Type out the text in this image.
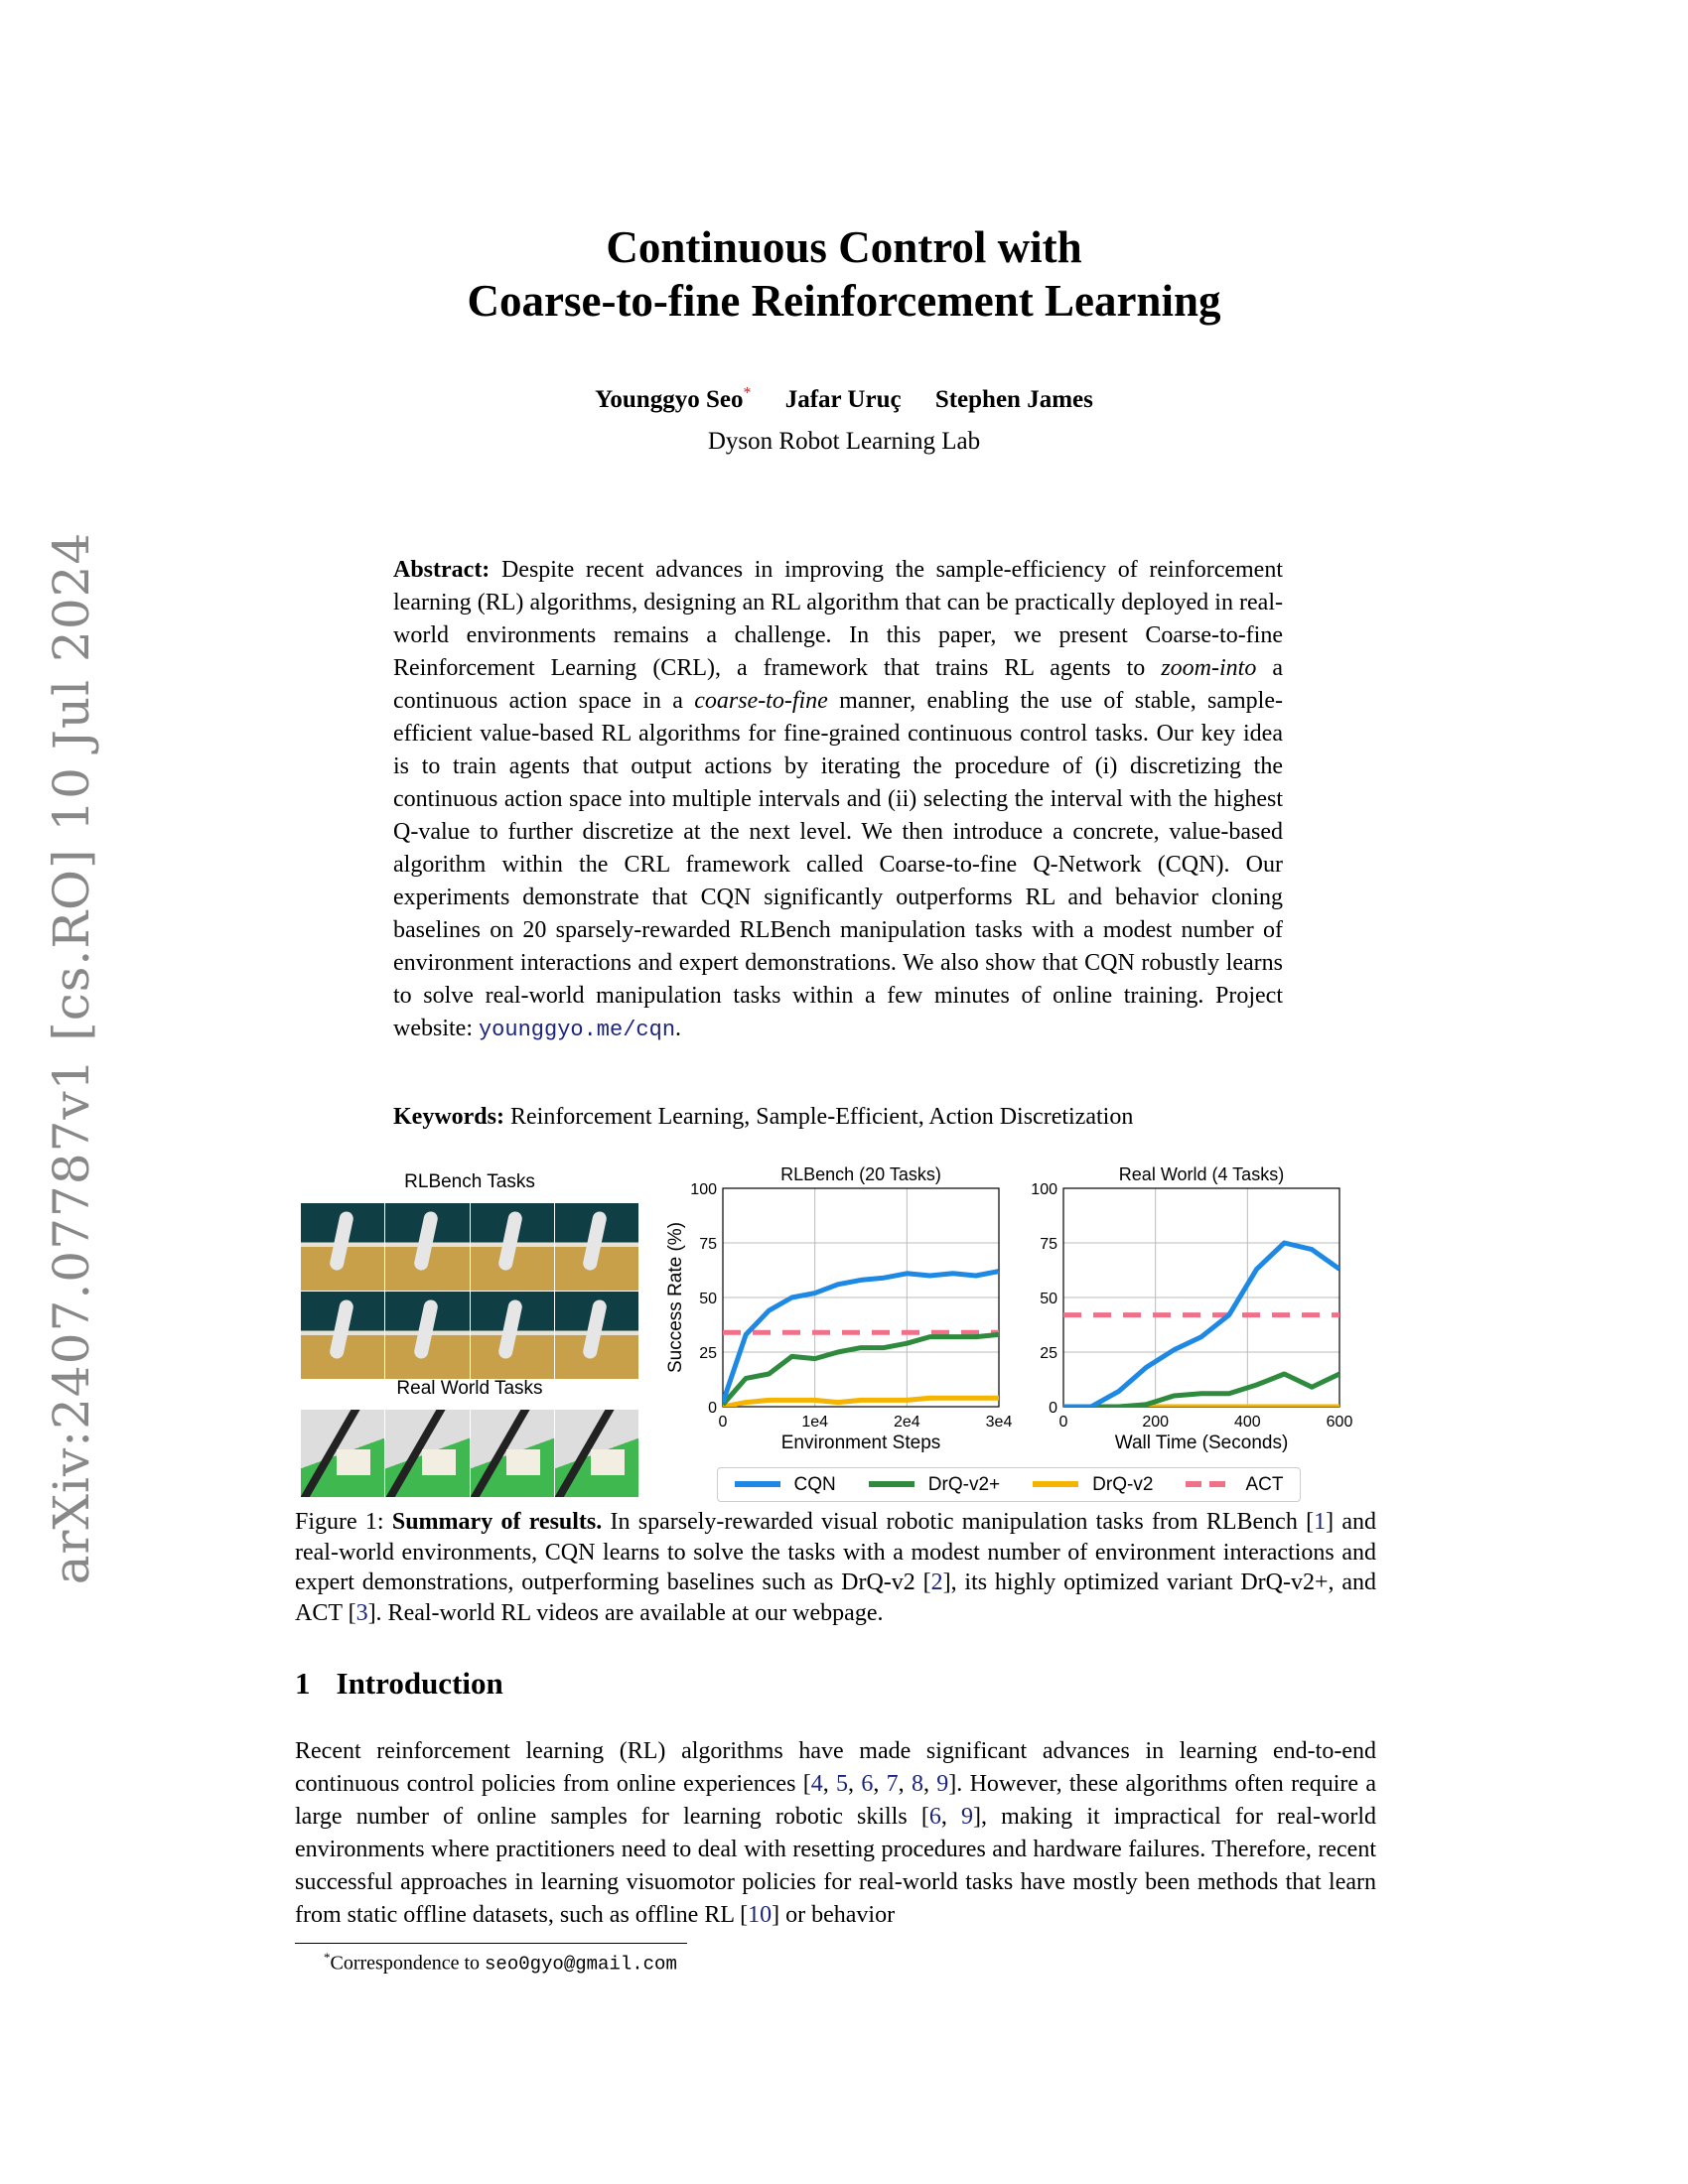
arXiv:2407.07787v1 [cs.RO] 10 Jul 2024
Continuous Control with
Coarse-to-fine Reinforcement Learning
Younggyo Seo* Jafar Uruç Stephen James
Dyson Robot Learning Lab
Abstract: Despite recent advances in improving the sample-efficiency of reinforcement learning (RL) algorithms, designing an RL algorithm that can be practically deployed in real-world environments remains a challenge. In this paper, we present Coarse-to-fine Reinforcement Learning (CRL), a framework that trains RL agents to zoom-into a continuous action space in a coarse-to-fine manner, enabling the use of stable, sample-efficient value-based RL algorithms for fine-grained continuous control tasks. Our key idea is to train agents that output actions by iterating the procedure of (i) discretizing the continuous action space into multiple intervals and (ii) selecting the interval with the highest Q-value to further discretize at the next level. We then introduce a concrete, value-based algorithm within the CRL framework called Coarse-to-fine Q-Network (CQN). Our experiments demonstrate that CQN significantly outperforms RL and behavior cloning baselines on 20 sparsely-rewarded RLBench manipulation tasks with a modest number of environment interactions and expert demonstrations. We also show that CQN robustly learns to solve real-world manipulation tasks within a few minutes of online training. Project website: younggyo.me/cqn.
Keywords: Reinforcement Learning, Sample-Efficient, Action Discretization
RLBench Tasks
Real World Tasks
0
25
50
75
100
0	1e4	2e4	3e4
RLBench (20 Tasks)
Environment Steps
Success Rate (%)
0
25
50
75
100
0	200	400	600
Real World (4 Tasks)
Wall Time (Seconds)
CQN	DrQ-v2+	DrQ-v2	ACT
Figure 1: Summary of results. In sparsely-rewarded visual robotic manipulation tasks from RLBench [1] and real-world environments, CQN learns to solve the tasks with a modest number of environment interactions and expert demonstrations, outperforming baselines such as DrQ-v2 [2], its highly optimized variant DrQ-v2+, and ACT [3]. Real-world RL videos are available at our webpage.
1 Introduction
Recent reinforcement learning (RL) algorithms have made significant advances in learning end-to-end continuous control policies from online experiences [4, 5, 6, 7, 8, 9]. However, these algorithms often require a large number of online samples for learning robotic skills [6, 9], making it impractical for real-world environments where practitioners need to deal with resetting procedures and hardware failures. Therefore, recent successful approaches in learning visuomotor policies for real-world tasks have mostly been methods that learn from static offline datasets, such as offline RL [10] or behavior
*Correspondence to seo0gyo@gmail.com
